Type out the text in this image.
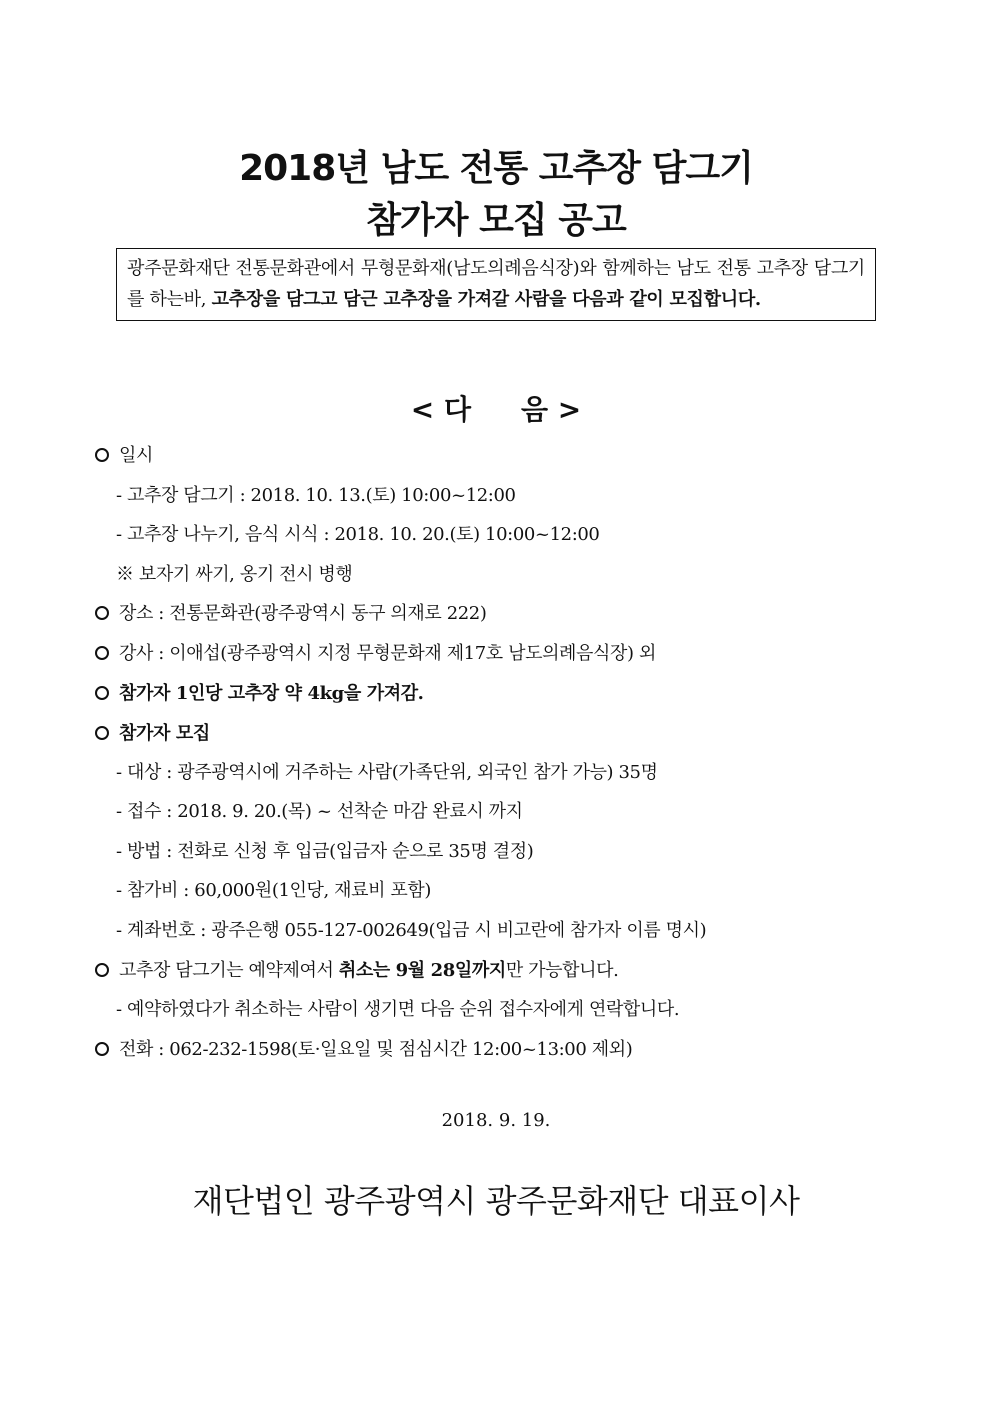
2018년 남도 전통 고추장 담그기
참가자 모집 공고
광주문화재단 전통문화관에서 무형문화재(남도의례음식장)와 함께하는 남도 전통 고추장 담그기를 하는바, 고추장을 담그고 담근 고추장을 가져갈 사람을 다음과 같이 모집합니다.
< 다 음 >
일시
- 고추장 담그기 : 2018. 10. 13.(토) 10:00~12:00
- 고추장 나누기, 음식 시식 : 2018. 10. 20.(토) 10:00~12:00
※ 보자기 싸기, 옹기 전시 병행
장소 : 전통문화관(광주광역시 동구 의재로 222)
강사 : 이애섭(광주광역시 지정 무형문화재 제17호 남도의례음식장) 외
참가자 1인당 고추장 약 4kg을 가져감.
참가자 모집
- 대상 : 광주광역시에 거주하는 사람(가족단위, 외국인 참가 가능) 35명
- 접수 : 2018. 9. 20.(목) ~ 선착순 마감 완료시 까지
- 방법 : 전화로 신청 후 입금(입금자 순으로 35명 결정)
- 참가비 : 60,000원(1인당, 재료비 포함)
- 계좌번호 : 광주은행 055-127-002649(입금 시 비고란에 참가자 이름 명시)
고추장 담그기는 예약제여서 취소는 9월 28일까지만 가능합니다.
- 예약하였다가 취소하는 사람이 생기면 다음 순위 접수자에게 연락합니다.
전화 : 062-232-1598(토·일요일 및 점심시간 12:00~13:00 제외)
2018. 9. 19.
재단법인 광주광역시 광주문화재단 대표이사
